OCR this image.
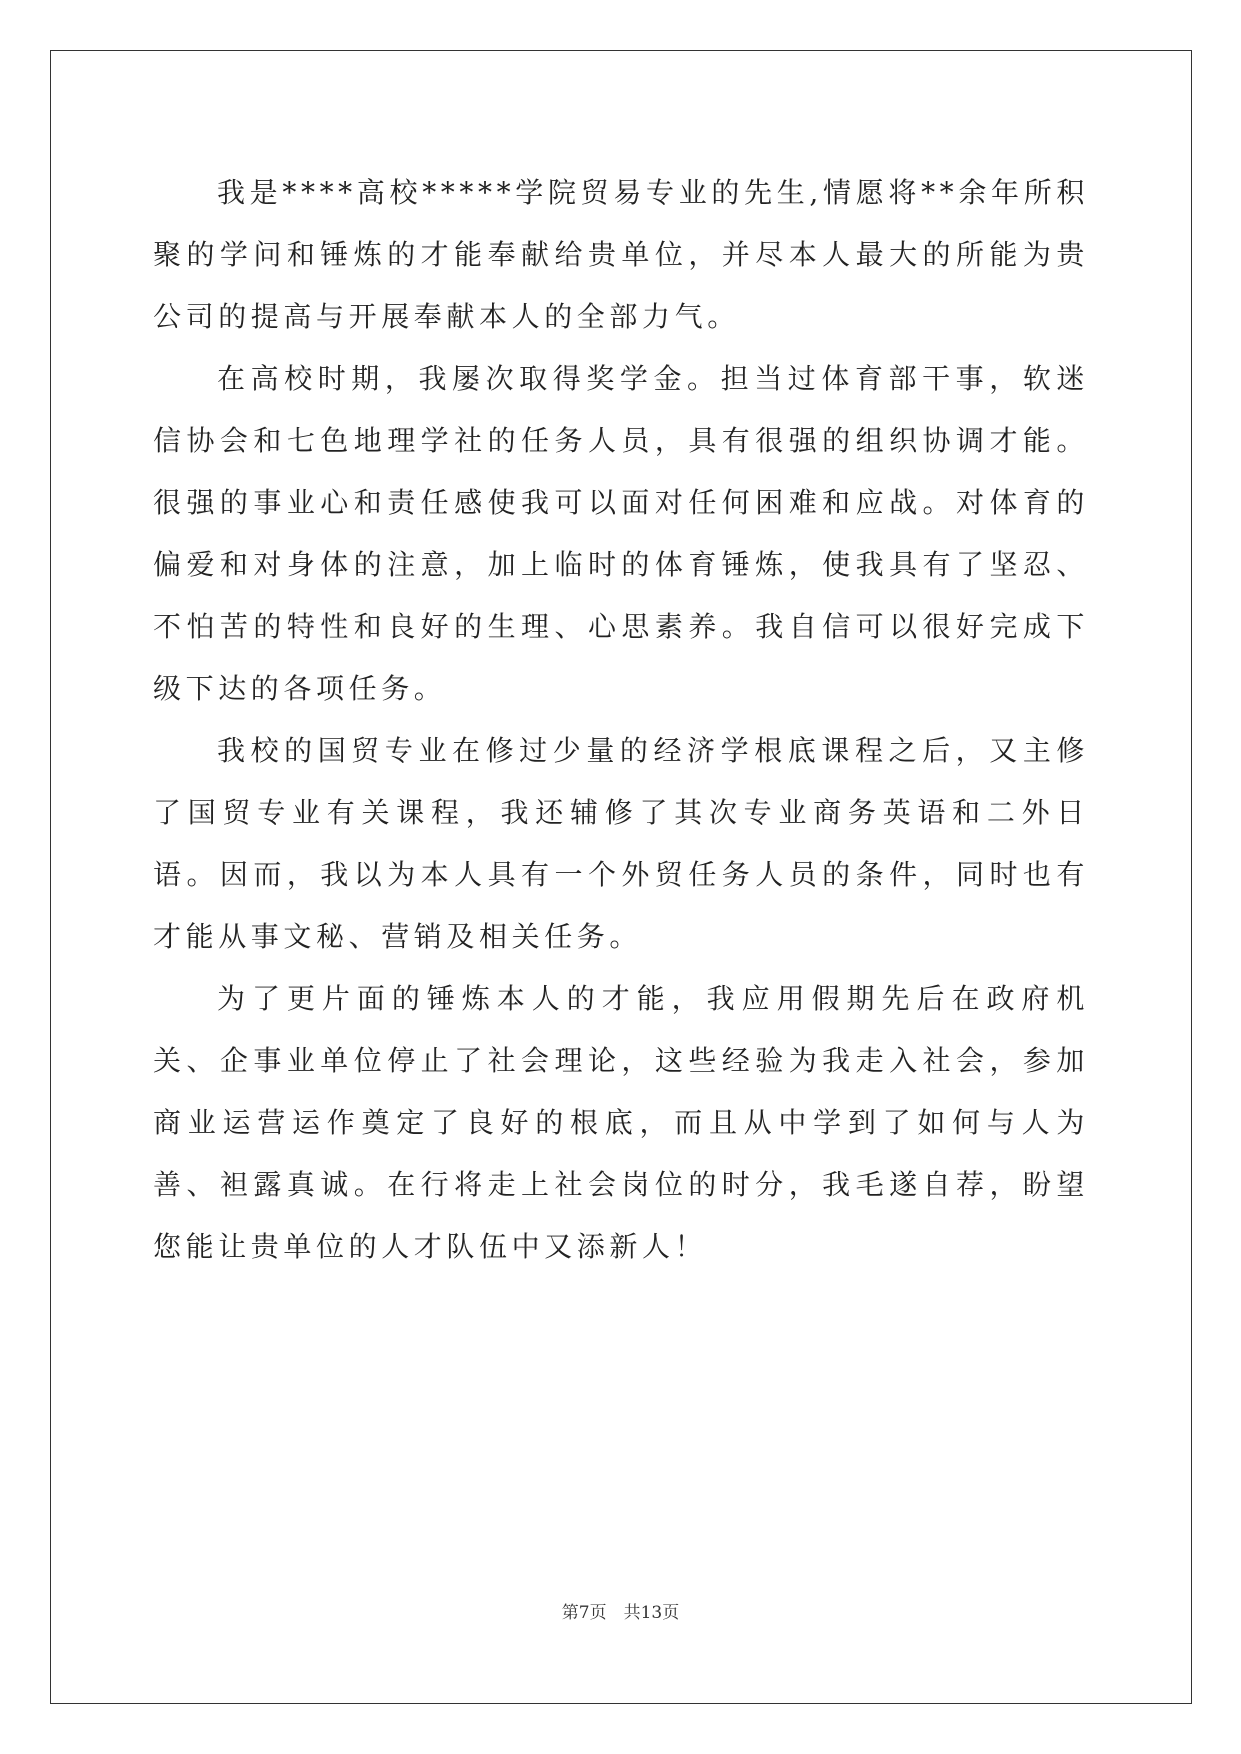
我是****高校*****学院贸易专业的先生,情愿将**余年所积聚的学问和锤炼的才能奉献给贵单位，并尽本人最大的所能为贵公司的提高与开展奉献本人的全部力气。

在高校时期，我屡次取得奖学金。担当过体育部干事，软迷信协会和七色地理学社的任务人员，具有很强的组织协调才能。很强的事业心和责任感使我可以面对任何困难和应战。对体育的偏爱和对身体的注意，加上临时的体育锤炼，使我具有了坚忍、不怕苦的特性和良好的生理、心思素养。我自信可以很好完成下级下达的各项任务。

我校的国贸专业在修过少量的经济学根底课程之后，又主修了国贸专业有关课程，我还辅修了其次专业商务英语和二外日语。因而，我以为本人具有一个外贸任务人员的条件，同时也有才能从事文秘、营销及相关任务。

为了更片面的锤炼本人的才能，我应用假期先后在政府机关、企事业单位停止了社会理论，这些经验为我走入社会，参加商业运营运作奠定了良好的根底，而且从中学到了如何与人为善、袒露真诚。在行将走上社会岗位的时分，我毛遂自荐，盼望您能让贵单位的人才队伍中又添新人！

第7页　共13页
